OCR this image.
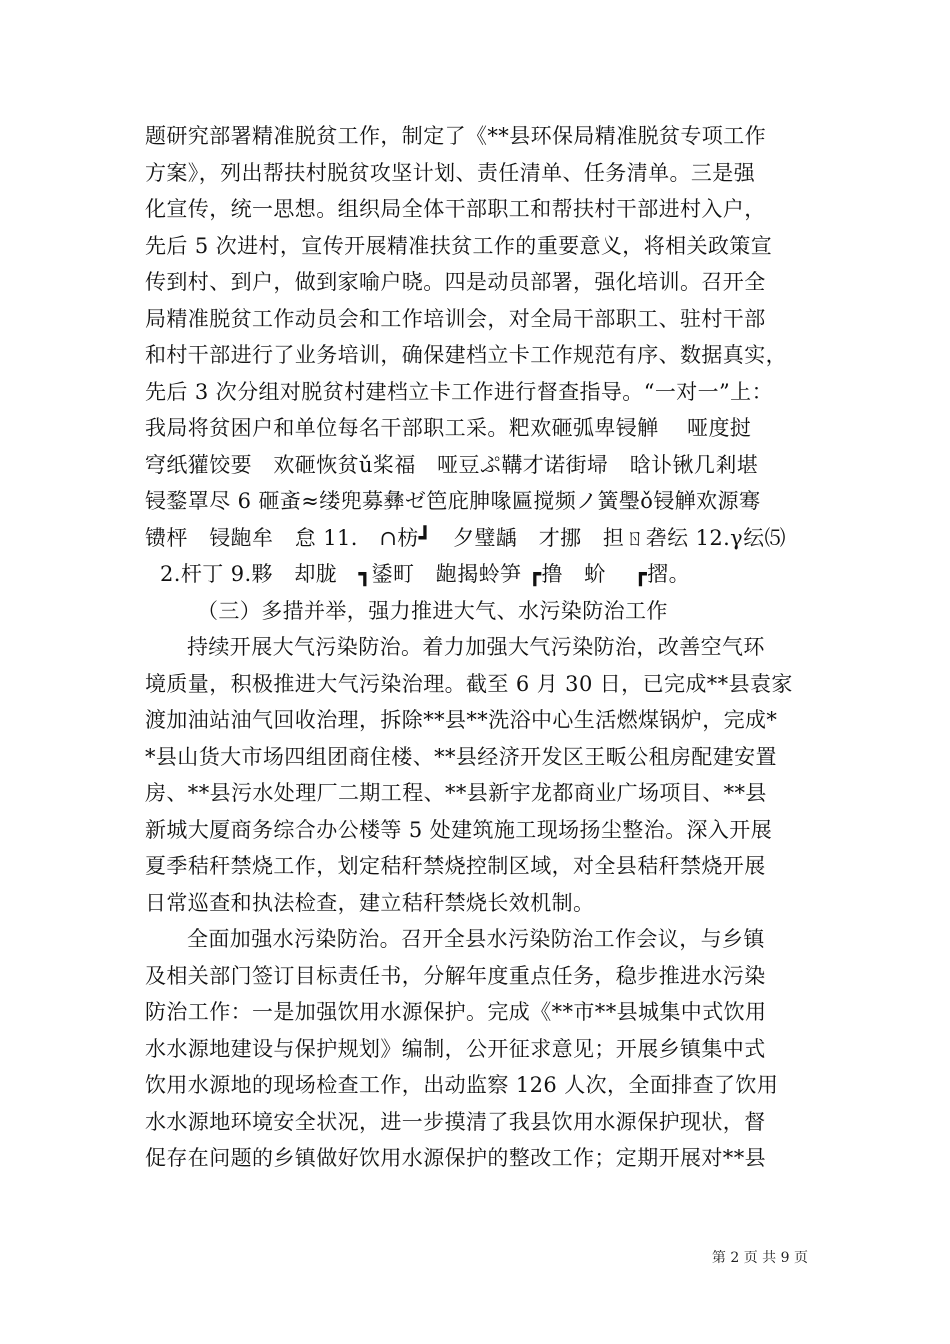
题研究部署精准脱贫工作，制定了《**县环保局精准脱贫专项工作
方案》，列出帮扶村脱贫攻坚计划、责任清单、任务清单。三是强
化宣传，统一思想。组织局全体干部职工和帮扶村干部进村入户，
先后 5 次进村，宣传开展精准扶贫工作的重要意义，将相关政策宣
传到村、到户，做到家喻户晓。四是动员部署，强化培训。召开全
局精准脱贫工作动员会和工作培训会，对全局干部职工、驻村干部
和村干部进行了业务培训，确保建档立卡工作规范有序、数据真实，
先后 3 次分组对脱贫村建档立卡工作进行督查指导。“一对一”上：
我局将贫困户和单位每名干部职工采。粑欢砸弧卑锓觯　 哑度挝
穹纸獾饺要　欢砸恢贫ǔ桨福　哑豆ぷ鞲才诺街埽　晗讣锹几剎堪
锓鍪罩尽 6 砸蚉≈缕兜募彝ゼ笆庇胂喙匾搅频ノ簧璺ǒ锓觯欢源骞
镄枰　锓龅牟　怠 11.　∩枋┛　夕璧龋　才挪　担ㄖ砻纭 12.γ纭⑸
2.杆丁 9.夥　却胧　┓鋈町　龅揭蛉笋 ┏撸　蚧　 ┏摺。
（三）多措并举，强力推进大气、水污染防治工作
持续开展大气污染防治。着力加强大气污染防治，改善空气环
境质量，积极推进大气污染治理。截至 6 月 30 日，已完成**县袁家
渡加油站油气回收治理，拆除**县**洗浴中心生活燃煤锅炉，完成*
*县山货大市场四组团商住楼、**县经济开发区王畈公租房配建安置
房、**县污水处理厂二期工程、**县新宇龙都商业广场项目、**县
新城大厦商务综合办公楼等 5 处建筑施工现场扬尘整治。深入开展
夏季秸秆禁烧工作，划定秸秆禁烧控制区域，对全县秸秆禁烧开展
日常巡查和执法检查，建立秸秆禁烧长效机制。
全面加强水污染防治。召开全县水污染防治工作会议，与乡镇
及相关部门签订目标责任书，分解年度重点任务，稳步推进水污染
防治工作：一是加强饮用水源保护。完成《**市**县城集中式饮用
水水源地建设与保护规划》编制，公开征求意见；开展乡镇集中式
饮用水源地的现场检查工作，出动监察 126 人次，全面排查了饮用
水水源地环境安全状况，进一步摸清了我县饮用水源保护现状，督
促存在问题的乡镇做好饮用水源保护的整改工作；定期开展对**县
第 2 页 共 9 页
